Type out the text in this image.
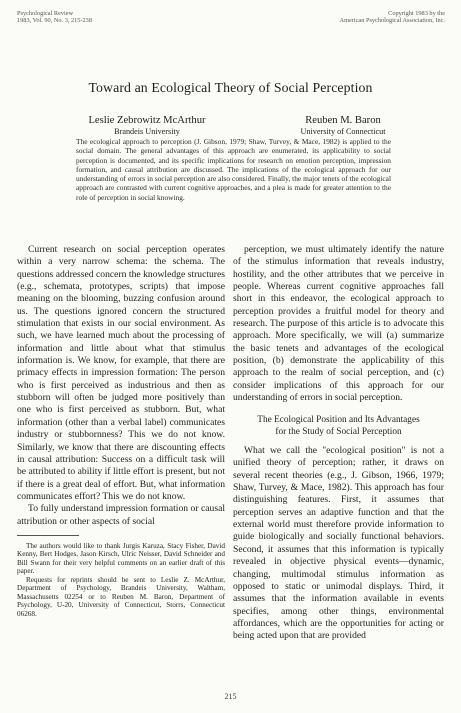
Psychological Review
1983, Vol. 90, No. 3, 215-238
Copyright 1983 by the
American Psychological Association, Inc.
Toward an Ecological Theory of Social Perception
Leslie Zebrowitz McArthur
Brandeis University
Reuben M. Baron
University of Connecticut
The ecological approach to perception (J. Gibson, 1979; Shaw, Turvey, & Mace, 1982) is applied to the social domain. The general advantages of this approach are enumerated, its applicability to social perception is documented, and its specific implications for research on emotion perception, impression formation, and causal attribution are discussed. The implications of the ecological approach for our understanding of errors in social perception are also considered. Finally, the major tenets of the ecological approach are contrasted with current cognitive approaches, and a plea is made for greater attention to the role of perception in social knowing.

Current research on social perception operates within a very narrow schema: the schema. The questions addressed concern the knowledge structures (e.g., schemata, prototypes, scripts) that impose meaning on the blooming, buzzing confusion around us. The questions ignored concern the structured stimulation that exists in our social environment. As such, we have learned much about the processing of information and little about what that stimulus information is. We know, for example, that there are primacy effects in impression formation: The person who is first perceived as industrious and then as stubborn will often be judged more positively than one who is first perceived as stubborn. But, what information (other than a verbal label) communicates industry or stubbornness? This we do not know. Similarly, we know that there are discounting effects in causal attribution: Success on a difficult task will be attributed to ability if little effort is present, but not if there is a great deal of effort. But, what information communicates effort? This we do not know.

To fully understand impression formation or causal attribution or other aspects of social

The authors would like to thank Jurgis Karuza, Stacy Fisher, David Kenny, Bert Hodges, Jason Kirsch, Ulric Neisser, David Schneider and Bill Swann for their very helpful comments on an earlier draft of this paper.

Requests for reprints should be sent to Leslie Z. McArthur, Department of Psychology, Brandeis University, Waltham, Massachusetts 02254 or to Reuben M. Baron, Department of Psychology, U-20, University of Connecticut, Storrs, Connecticut 06268.

perception, we must ultimately identify the nature of the stimulus information that reveals industry, hostility, and the other attributes that we perceive in people. Whereas current cognitive approaches fall short in this endeavor, the ecological approach to perception provides a fruitful model for theory and research. The purpose of this article is to advocate this approach. More specifically, we will (a) summarize the basic tenets and advantages of the ecological position, (b) demonstrate the applicability of this approach to the realm of social perception, and (c) consider implications of this approach for our understanding of errors in social perception.

The Ecological Position and Its Advantages
for the Study of Social Perception

What we call the "ecological position" is not a unified theory of perception; rather, it draws on several recent theories (e.g., J. Gibson, 1966, 1979; Shaw, Turvey, & Mace, 1982). This approach has four distinguishing features. First, it assumes that perception serves an adaptive function and that the external world must therefore provide information to guide biologically and socially functional behaviors. Second, it assumes that this information is typically revealed in objective physical events—dynamic, changing, multimodal stimulus information as opposed to static or unimodal displays. Third, it assumes that the information available in events specifies, among other things, environmental affordances, which are the opportunities for acting or being acted upon that are provided

215
